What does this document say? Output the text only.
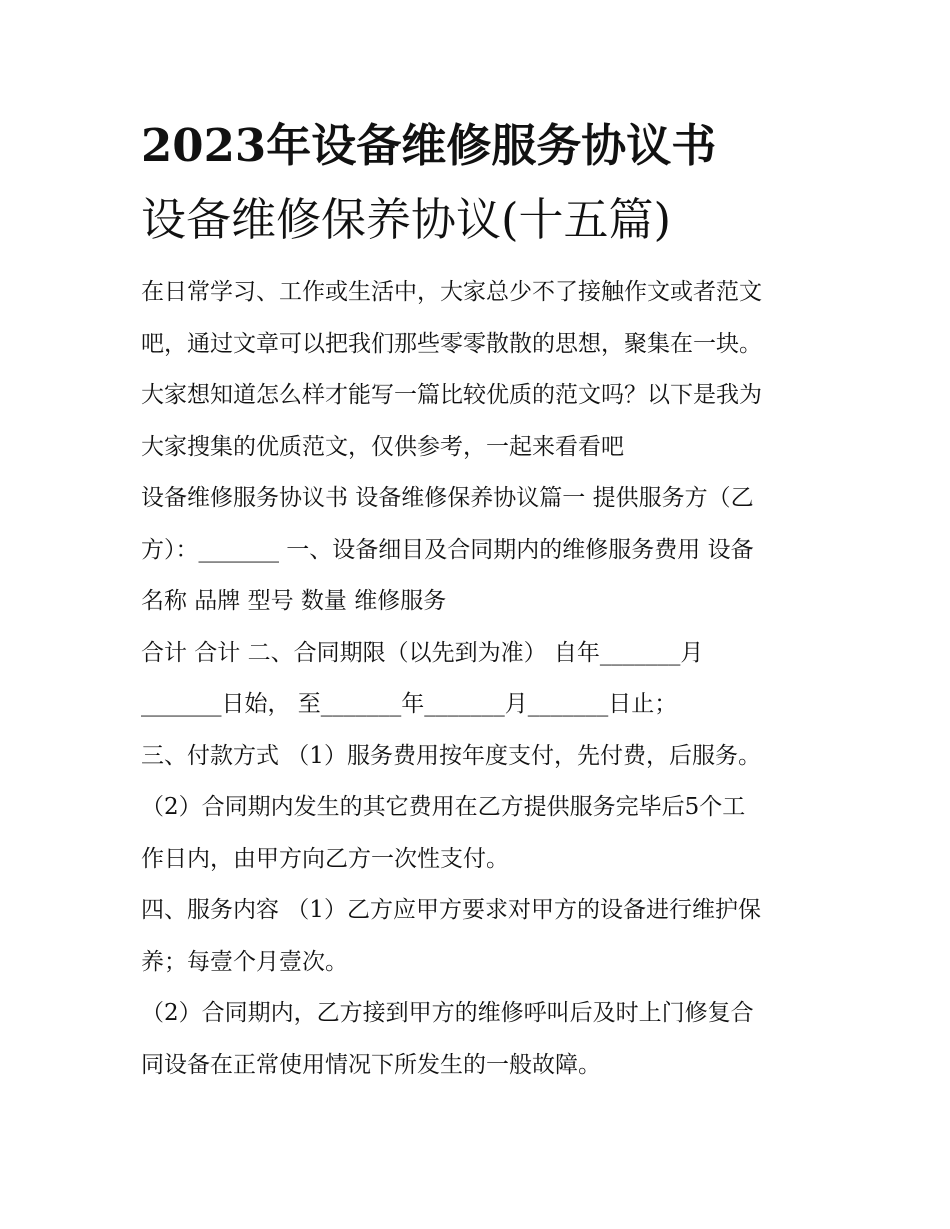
2023年设备维修服务协议书
设备维修保养协议(十五篇)
在日常学习、工作或生活中，大家总少不了接触作文或者范文
吧，通过文章可以把我们那些零零散散的思想，聚集在一块。
大家想知道怎么样才能写一篇比较优质的范文吗？以下是我为
大家搜集的优质范文，仅供参考，一起来看看吧
设备维修服务协议书 设备维修保养协议篇一 提供服务方（乙
方）：_______ 一、设备细目及合同期内的维修服务费用 设备
名称 品牌 型号 数量 维修服务
合计 合计 二、合同期限（以先到为准） 自年_______月
_______日始， 至_______年_______月_______日止；
三、付款方式 （1）服务费用按年度支付，先付费，后服务。
（2）合同期内发生的其它费用在乙方提供服务完毕后5个工
作日内，由甲方向乙方一次性支付。
四、服务内容 （1）乙方应甲方要求对甲方的设备进行维护保
养；每壹个月壹次。
（2）合同期内，乙方接到甲方的维修呼叫后及时上门修复合
同设备在正常使用情况下所发生的一般故障。
